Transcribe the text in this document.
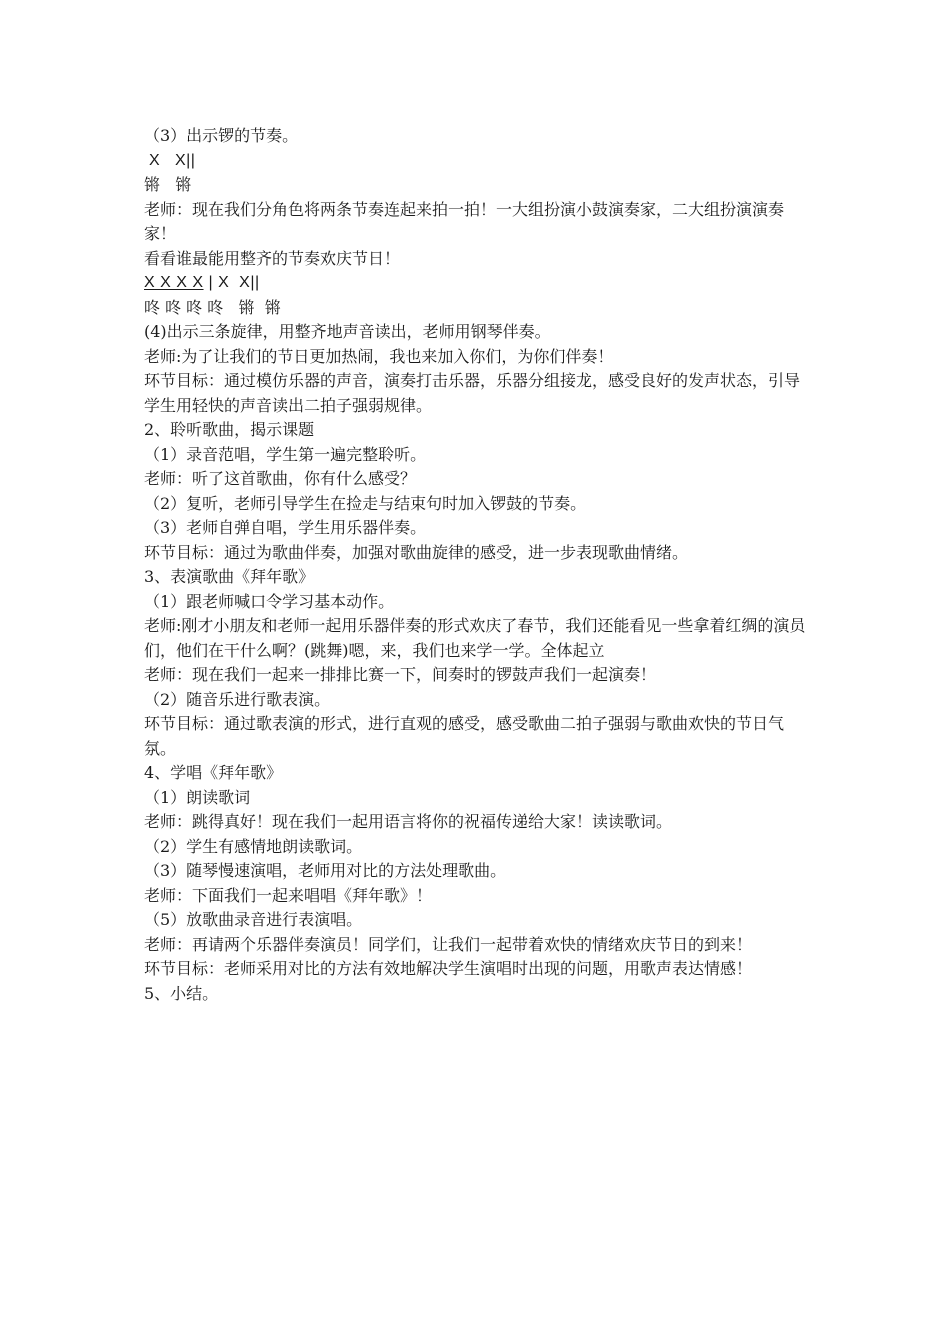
（3）出示锣的节奏。

X   X||

锵   锵

老师：现在我们分角色将两条节奏连起来拍一拍！一大组扮演小鼓演奏家，二大组扮演演奏家！

看看谁最能用整齐的节奏欢庆节日！

X X X X | X  X||

咚 咚 咚 咚   锵  锵

(4)出示三条旋律，用整齐地声音读出，老师用钢琴伴奏。

老师:为了让我们的节日更加热闹，我也来加入你们，为你们伴奏！

环节目标：通过模仿乐器的声音，演奏打击乐器，乐器分组接龙，感受良好的发声状态，引导学生用轻快的声音读出二拍子强弱规律。

2、聆听歌曲，揭示课题

（1）录音范唱，学生第一遍完整聆听。

老师：听了这首歌曲，你有什么感受？

（2）复听，老师引导学生在捡走与结束句时加入锣鼓的节奏。

（3）老师自弹自唱，学生用乐器伴奏。

环节目标：通过为歌曲伴奏，加强对歌曲旋律的感受，进一步表现歌曲情绪。

3、表演歌曲《拜年歌》

（1）跟老师喊口令学习基本动作。

老师:刚才小朋友和老师一起用乐器伴奏的形式欢庆了春节，我们还能看见一些拿着红绸的演员们，他们在干什么啊？(跳舞)嗯，来，我们也来学一学。全体起立

老师：现在我们一起来一排排比赛一下，间奏时的锣鼓声我们一起演奏！

（2）随音乐进行歌表演。

环节目标：通过歌表演的形式，进行直观的感受，感受歌曲二拍子强弱与歌曲欢快的节日气氛。

4、学唱《拜年歌》

（1）朗读歌词

老师：跳得真好！现在我们一起用语言将你的祝福传递给大家！读读歌词。

（2）学生有感情地朗读歌词。

（3）随琴慢速演唱，老师用对比的方法处理歌曲。

老师：下面我们一起来唱唱《拜年歌》！

（5）放歌曲录音进行表演唱。

老师：再请两个乐器伴奏演员！同学们，让我们一起带着欢快的情绪欢庆节日的到来！

环节目标：老师采用对比的方法有效地解决学生演唱时出现的问题，用歌声表达情感！

5、小结。
